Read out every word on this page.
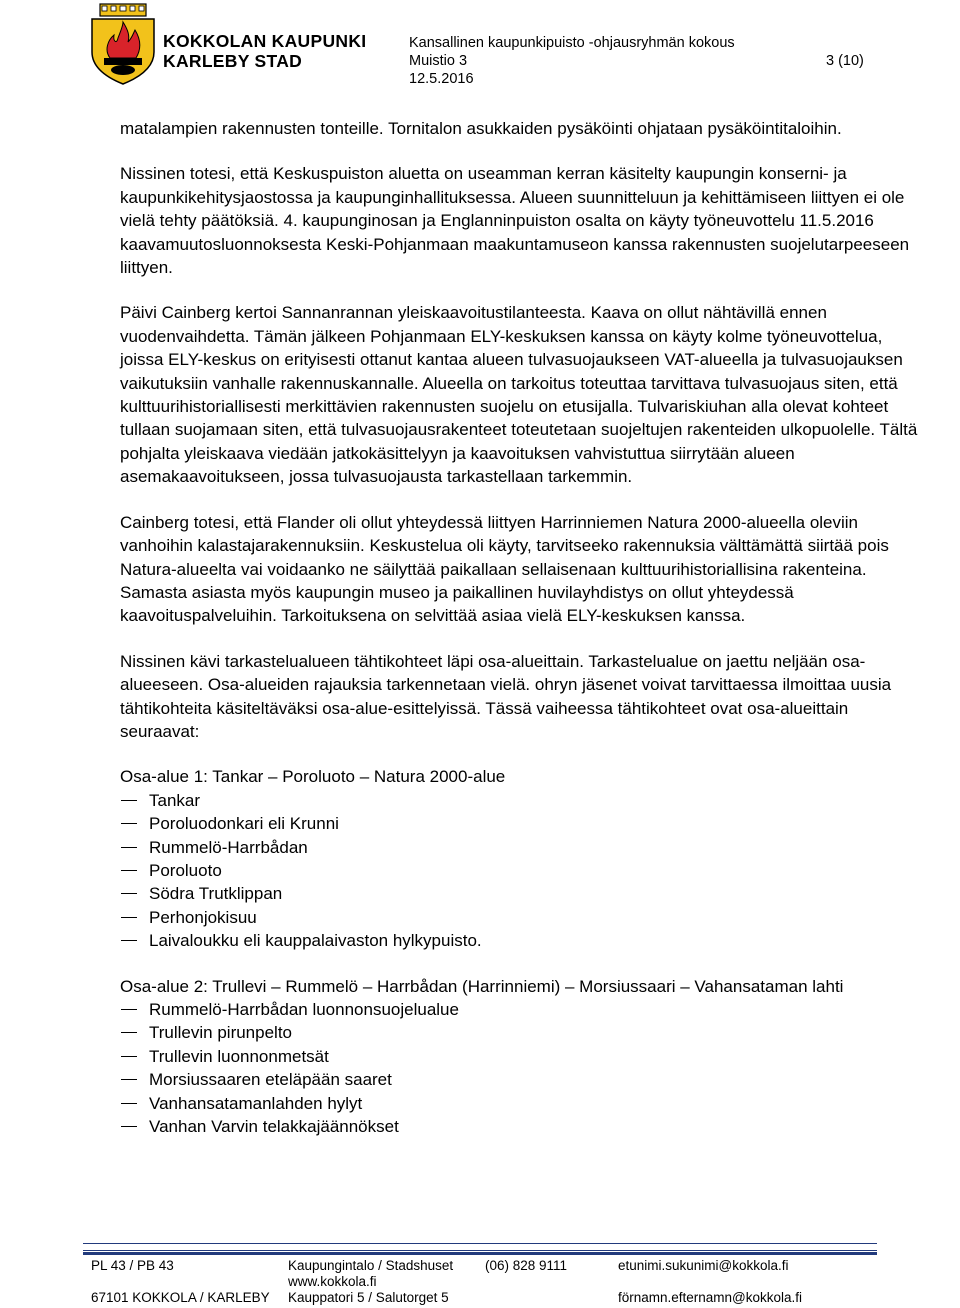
KOKKOLAN KAUPUNKI
KARLEBY STAD
Kansallinen kaupunkipuisto -ohjausryhmän kokous
Muistio 3
12.5.2016
3 (10)

matalampien rakennusten tonteille. Tornitalon asukkaiden pysäköinti ohjataan pysäköintitaloihin.

Nissinen totesi, että Keskuspuiston aluetta on useamman kerran käsitelty kaupungin konserni- ja kaupunkikehitysjaostossa ja kaupunginhallituksessa. Alueen suunnitteluun ja kehittämiseen liittyen ei ole vielä tehty päätöksiä. 4. kaupunginosan ja Englanninpuiston osalta on käyty työneuvottelu 11.5.2016 kaavamuutosluonnoksesta Keski-Pohjanmaan maakuntamuseon kanssa rakennusten suojelutarpeeseen liittyen.

Päivi Cainberg kertoi Sannanrannan yleiskaavoitustilanteesta. Kaava on ollut nähtävillä ennen vuodenvaihdetta. Tämän jälkeen Pohjanmaan ELY-keskuksen kanssa on käyty kolme työneuvottelua, joissa ELY-keskus on erityisesti ottanut kantaa alueen tulvasuojaukseen VAT-alueella ja tulvasuojauksen vaikutuksiin vanhalle rakennuskannalle. Alueella on tarkoitus toteuttaa tarvittava tulvasuojaus siten, että kulttuurihistoriallisesti merkittävien rakennusten suojelu on etusijalla. Tulvariskiuhan alla olevat kohteet tullaan suojamaan siten, että tulvasuojausrakenteet toteutetaan suojeltujen rakenteiden ulkopuolelle. Tältä pohjalta yleiskaava viedään jatkokäsittelyyn ja kaavoituksen vahvistuttua siirrytään alueen asemakaavoitukseen, jossa tulvasuojausta tarkastellaan tarkemmin.

Cainberg totesi, että Flander oli ollut yhteydessä liittyen Harrinniemen Natura 2000-alueella oleviin vanhoihin kalastajarakennuksiin. Keskustelua oli käyty, tarvitseeko rakennuksia välttämättä siirtää pois Natura-alueelta vai voidaanko ne säilyttää paikallaan sellaisenaan kulttuurihistoriallisina rakenteina. Samasta asiasta myös kaupungin museo ja paikallinen huvilayhdistys on ollut yhteydessä kaavoituspalveluihin. Tarkoituksena on selvittää asiaa vielä ELY-keskuksen kanssa.

Nissinen kävi tarkastelualueen tähtikohteet läpi osa-alueittain. Tarkastelualue on jaettu neljään osa-alueeseen. Osa-alueiden rajauksia tarkennetaan vielä. ohryn jäsenet voivat tarvittaessa ilmoittaa uusia tähtikohteita käsiteltäväksi osa-alue-esittelyissä. Tässä vaiheessa tähtikohteet ovat osa-alueittain seuraavat:

Osa-alue 1: Tankar – Poroluoto – Natura 2000-alue

Tankar
Poroluodonkari eli Krunni
Rummelö-Harrbådan
Poroluoto
Södra Trutklippan
Perhonjokisuu
Laivaloukku eli kauppalaivaston hylkypuisto.

Osa-alue 2: Trullevi – Rummelö – Harrbådan (Harrinniemi) – Morsiussaari – Vahansataman lahti

Rummelö-Harrbådan luonnonsuojelualue
Trullevin pirunpelto
Trullevin luonnonmetsät
Morsiussaaren eteläpään saaret
Vanhansatamanlahden hylyt
Vanhan Varvin telakkajäännökset
PL 43 / PB 43
67101 KOKKOLA / KARLEBY
Kaupungintalo / Stadshuset
www.kokkola.fi
Kauppatori 5 / Salutorget 5
(06) 828 9111	etunimi.sukunimi@kokkola.fi
förnamn.efternamn@kokkola.fi
